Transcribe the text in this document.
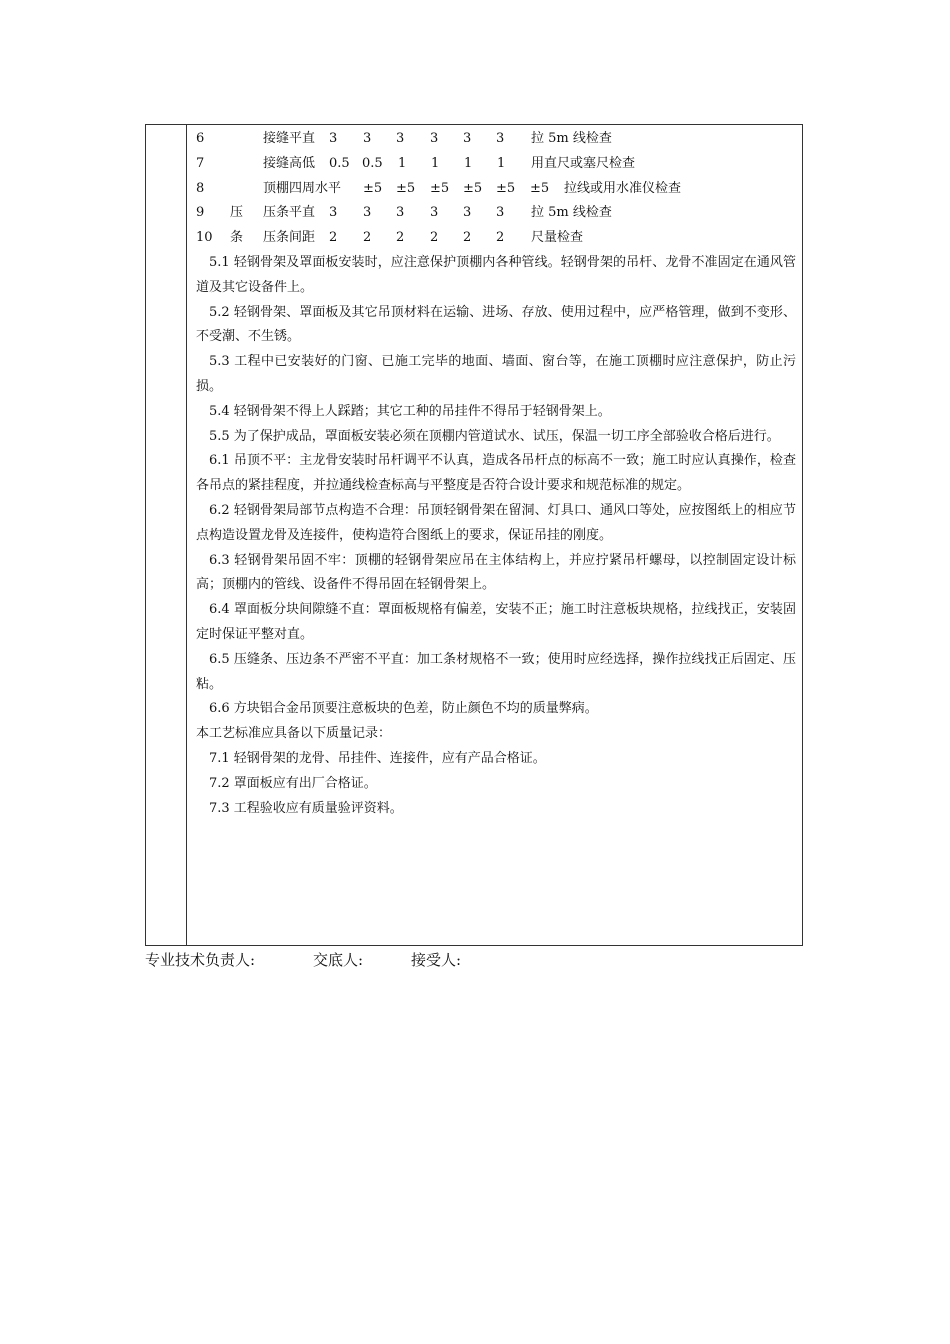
6	接缝平直 3 3 3 3 3 3 拉 5m 线检查
7	接缝高低 0.5 0.5 1 1 1 1 用直尺或塞尺检查
8	顶棚四周水平 ±5 ±5 ±5 ±5 ±5 ±5 拉线或用水准仪检查
9 压 压条平直 3 3 3 3 3 3 拉 5m 线检查
10 条 压条间距 2 2 2 2 2 2 尺量检查

5.1 轻钢骨架及罩面板安装时，应注意保护顶棚内各种管线。轻钢骨架的吊杆、龙骨不准固定在通风管道及其它设备件上。

5.2 轻钢骨架、罩面板及其它吊顶材料在运输、进场、存放、使用过程中，应严格管理，做到不变形、不受潮、不生锈。

5.3 工程中已安装好的门窗、已施工完毕的地面、墙面、窗台等，在施工顶棚时应注意保护，防止污损。

5.4 轻钢骨架不得上人踩踏；其它工种的吊挂件不得吊于轻钢骨架上。

5.5 为了保护成品，罩面板安装必须在顶棚内管道试水、试压，保温一切工序全部验收合格后进行。

6.1 吊顶不平：主龙骨安装时吊杆调平不认真，造成各吊杆点的标高不一致；施工时应认真操作，检查各吊点的紧挂程度，并拉通线检查标高与平整度是否符合设计要求和规范标准的规定。

6.2 轻钢骨架局部节点构造不合理：吊顶轻钢骨架在留洞、灯具口、通风口等处，应按图纸上的相应节点构造设置龙骨及连接件，使构造符合图纸上的要求，保证吊挂的刚度。

6.3 轻钢骨架吊固不牢：顶棚的轻钢骨架应吊在主体结构上，并应拧紧吊杆螺母，以控制固定设计标高；顶棚内的管线、设备件不得吊固在轻钢骨架上。

6.4 罩面板分块间隙缝不直：罩面板规格有偏差，安装不正；施工时注意板块规格，拉线找正，安装固定时保证平整对直。

6.5 压缝条、压边条不严密不平直：加工条材规格不一致；使用时应经选择，操作拉线找正后固定、压粘。

6.6 方块铝合金吊顶要注意板块的色差，防止颜色不均的质量弊病。

本工艺标准应具备以下质量记录：

7.1 轻钢骨架的龙骨、吊挂件、连接件，应有产品合格证。

7.2 罩面板应有出厂合格证。

7.3 工程验收应有质量验评资料。

专业技术负责人:	交底人:	接受人:
